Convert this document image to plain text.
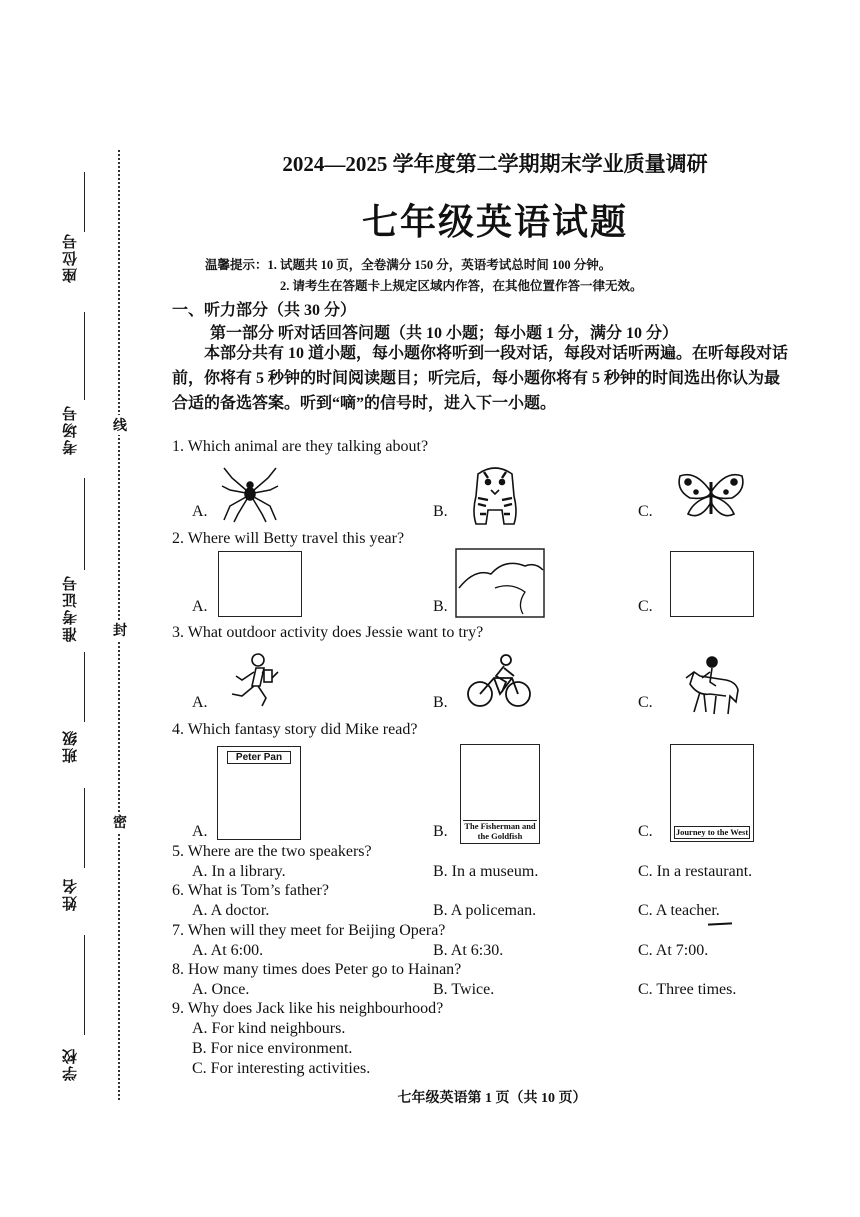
座位号
考场号
准考证号
班级
姓名
学校
线
封
密
2024—2025 学年度第二学期期末学业质量调研
七年级英语试题
温馨提示：1. 试题共 10 页，全卷满分 150 分，英语考试总时间 100 分钟。
2. 请考生在答题卡上规定区域内作答，在其他位置作答一律无效。
一、听力部分（共 30 分）
第一部分 听对话回答问题（共 10 小题；每小题 1 分，满分 10 分）
本部分共有 10 道小题，每小题你将听到一段对话，每段对话听两遍。在听每段对话前，你将有 5 秒钟的时间阅读题目；听完后，每小题你将有 5 秒钟的时间选出你认为最合适的备选答案。听到“嘀”的信号时，进入下一小题。
1. Which animal are they talking about?
A.	B.	C.
2. Where will Betty travel this year?
A.	B.	C.
3. What outdoor activity does Jessie want to try?
A.	B.	C.
4. Which fantasy story did Mike read?
A.
Peter Pan
B. The Fisherman and the Goldfish	C.	Journey to the West
5. Where are the two speakers?
A. In a library.	B. In a museum.	C. In a restaurant.
6. What is Tom’s father?
A. A doctor.	B. A policeman.	C. A teacher.
7. When will they meet for Beijing Opera?
A. At 6:00.	B. At 6:30.	C. At 7:00.
8. How many times does Peter go to Hainan?
A. Once.	B. Twice.	C. Three times.
9. Why does Jack like his neighbourhood?
A. For kind neighbours.
B. For nice environment.
C. For interesting activities.
七年级英语第 1 页（共 10 页）
